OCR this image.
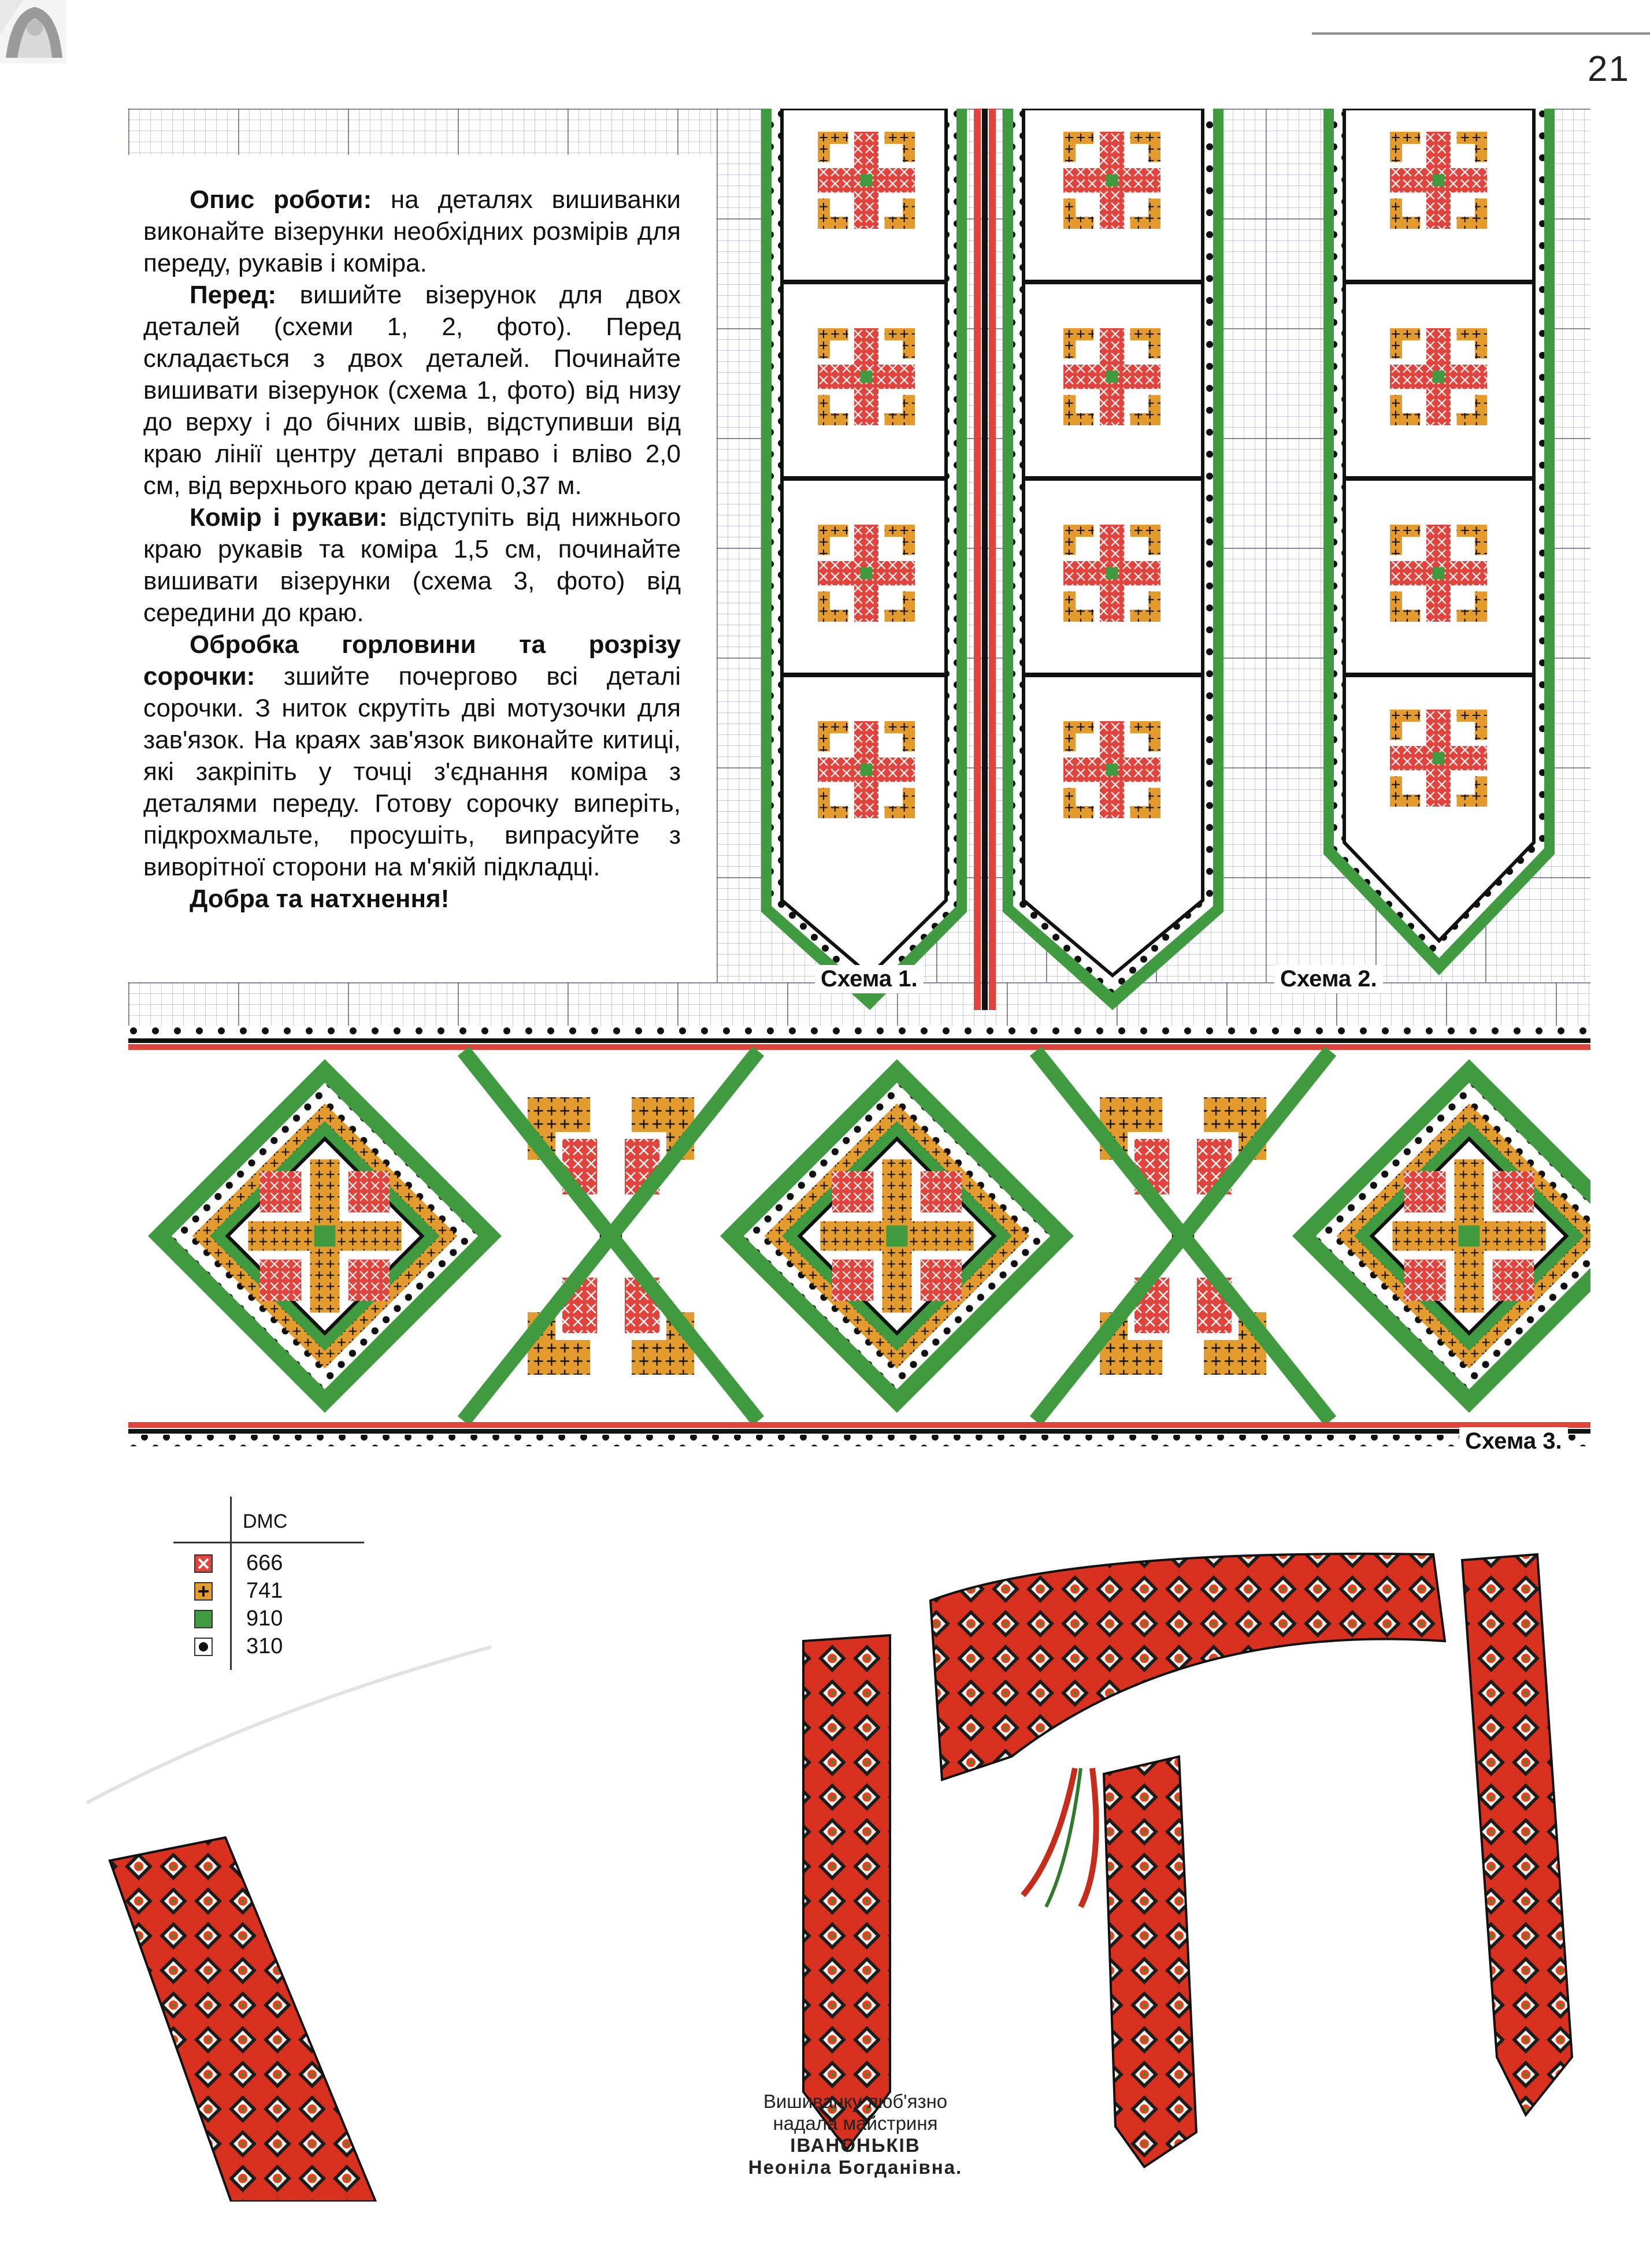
21

Опис роботи: на деталях вишиванки виконайте візерунки необхідних розмірів для переду, рукавів і коміра.

Перед: вишийте візерунок для двох деталей (схеми 1, 2, фото). Перед складається з двох деталей. Починайте вишивати візерунок (схема 1, фото) від низу до верху і до бічних швів, відступивши від краю лінії центру деталі вправо і вліво 2,0 см, від верхнього краю деталі 0,37 м.

Комір і рукави: відступіть від нижнього краю рукавів та коміра 1,5 см, починайте вишивати візерунки (схема 3, фото) від середини до краю.

Обробка горловини та розрізу сорочки: зшийте почергово всі деталі сорочки. З ниток скрутіть дві мотузочки для зав'язок. На краях зав'язок виконайте китиці, які закріпіть у точці з'єднання коміра з деталями переду. Готову сорочку виперіть, підкрохмальте, просушіть, випрасуйте з виворітної сторони на м'якій підкладці.

Добра та натхнення!

Схема 1.	Схема 2.
Схема 3.
DMC
666
741
910
310
Вишиванку люб'язно
надала майстриня
ІВАНОНЬКІВ
Неоніла Богданівна.
